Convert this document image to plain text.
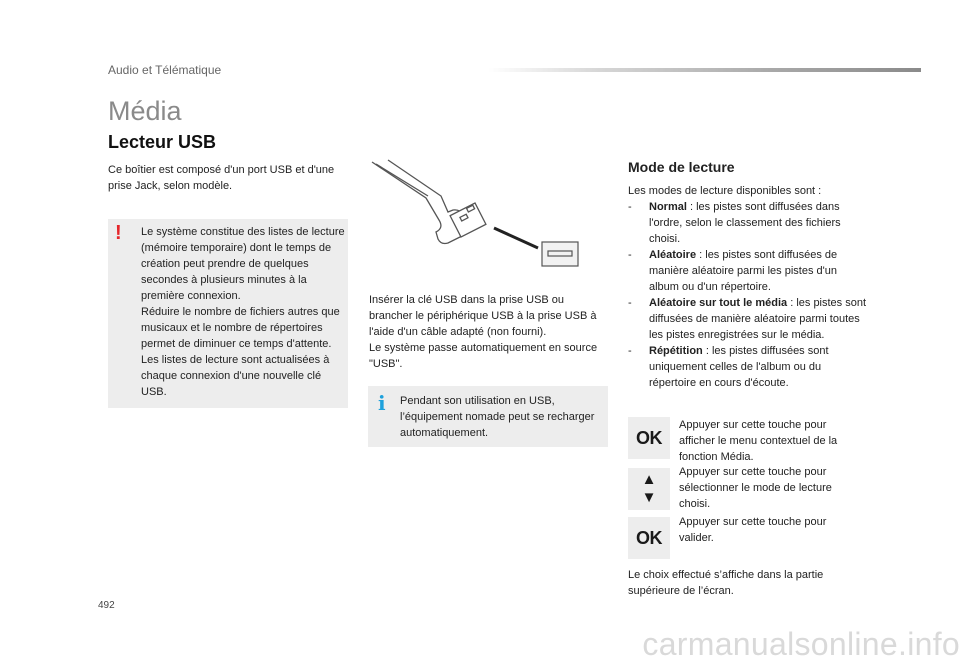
Audio et Télématique
Média
Lecteur USB
Ce boîtier est composé d'un port USB et d'une prise Jack, selon modèle.
! Le système constitue des listes de lecture (mémoire temporaire) dont le temps de création peut prendre de quelques secondes à plusieurs minutes à la première connexion.
Réduire le nombre de fichiers autres que musicaux et le nombre de répertoires permet de diminuer ce temps d'attente. Les listes de lecture sont actualisées à chaque connexion d'une nouvelle clé USB.
Insérer la clé USB dans la prise USB ou brancher le périphérique USB à la prise USB à l'aide d'un câble adapté (non fourni).
Le système passe automatiquement en source "USB".
i Pendant son utilisation en USB, l’équipement nomade peut se recharger automatiquement.
Mode de lecture
Les modes de lecture disponibles sont :
- Normal : les pistes sont diffusées dans l'ordre, selon le classement des fichiers choisi.
- Aléatoire : les pistes sont diffusées de manière aléatoire parmi les pistes d'un album ou d'un répertoire.
- Aléatoire sur tout le média : les pistes sont diffusées de manière aléatoire parmi toutes les pistes enregistrées sur le média.
- Répétition : les pistes diffusées sont uniquement celles de l'album ou du répertoire en cours d'écoute.
OK
Appuyer sur cette touche pour afficher le menu contextuel de la fonction Média.
▲
▼
Appuyer sur cette touche pour sélectionner le mode de lecture choisi.
OK
Appuyer sur cette touche pour valider.
Le choix effectué s’affiche dans la partie supérieure de l’écran.
492
carmanualsonline.info
